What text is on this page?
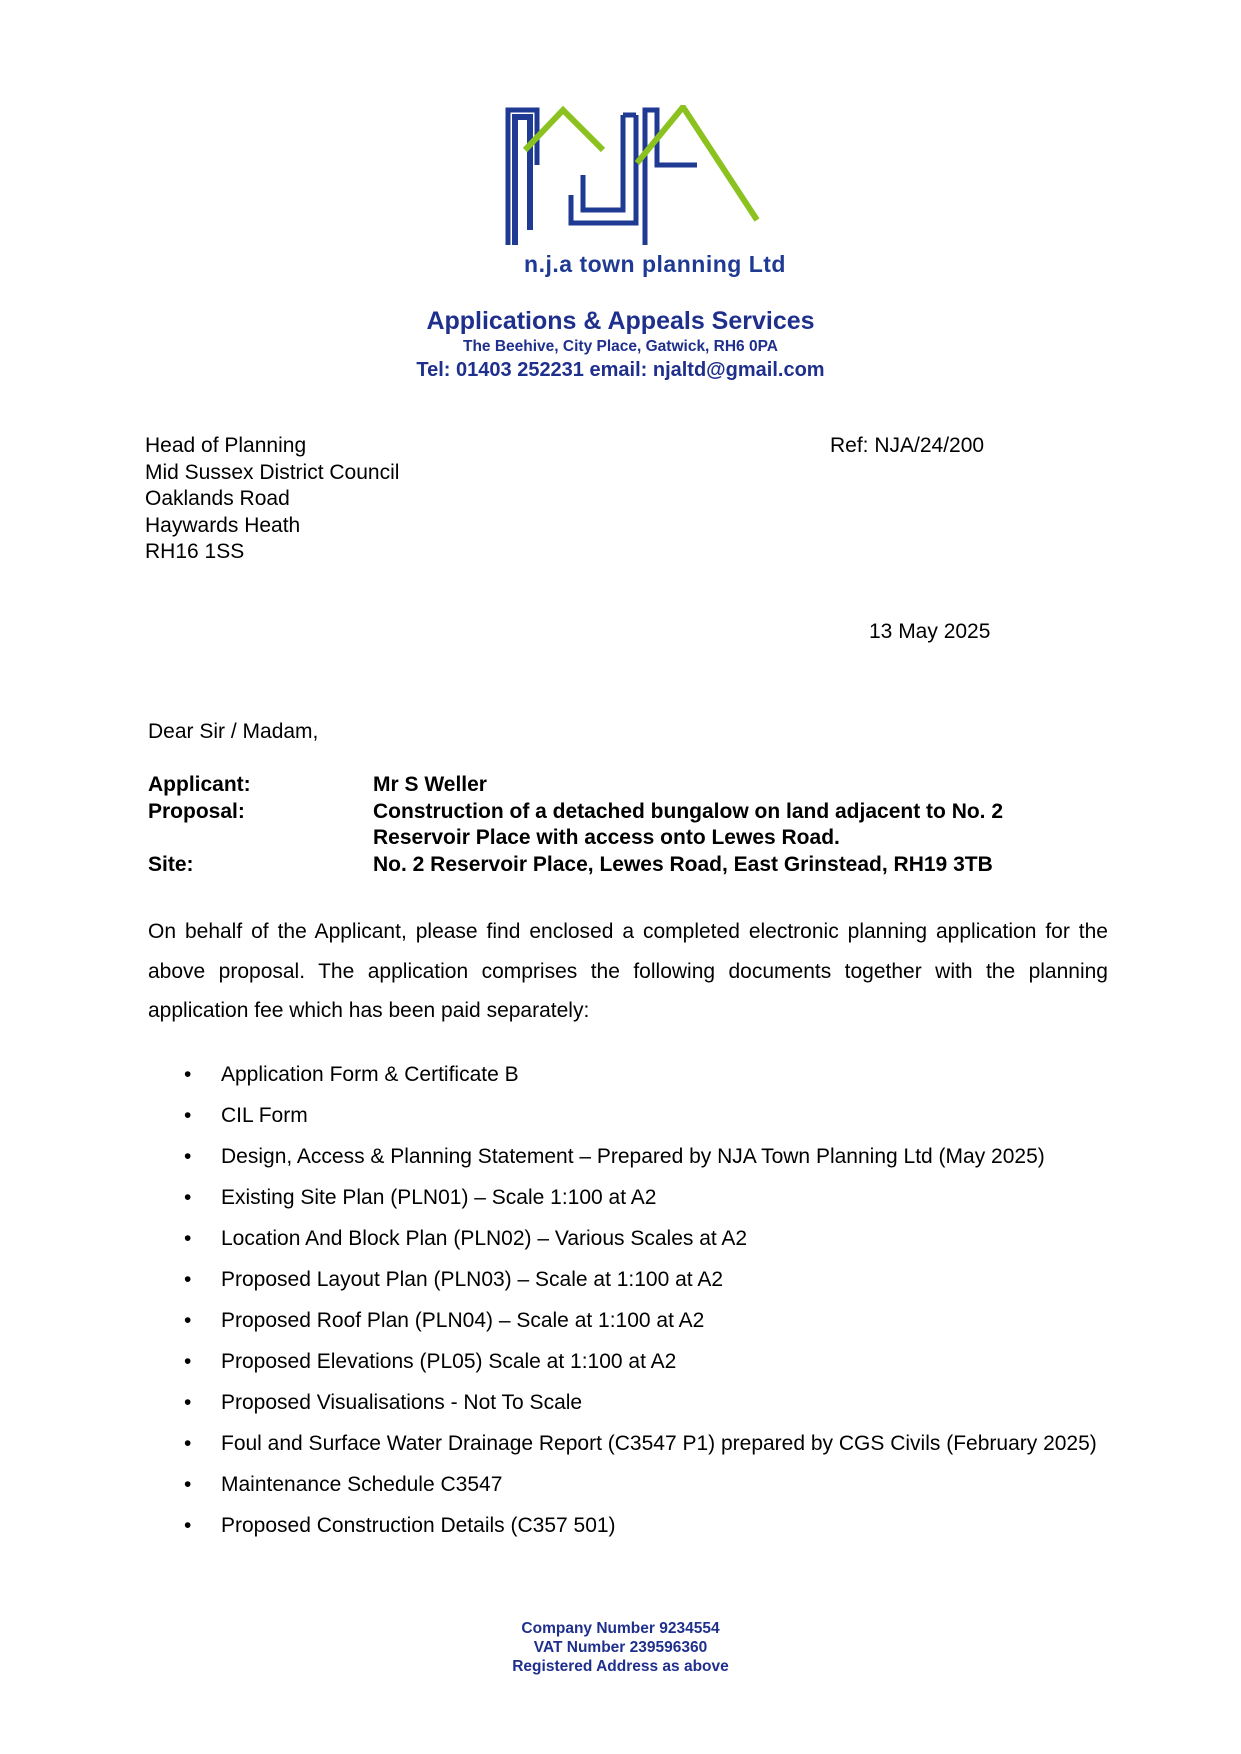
n.j.a town planning Ltd
Applications & Appeals Services
The Beehive, City Place, Gatwick, RH6 0PA
Tel: 01403 252231 email: njaltd@gmail.com
Head of Planning
Mid Sussex District Council
Oaklands Road
Haywards Heath
RH16 1SS
Ref: NJA/24/200
13 May 2025
Dear Sir / Madam,
Applicant:	Mr S Weller
Proposal:	Construction of a detached bungalow on land adjacent to No. 2
Reservoir Place with access onto Lewes Road.
Site:	No. 2 Reservoir Place, Lewes Road, East Grinstead, RH19 3TB
On behalf of the Applicant, please find enclosed a completed electronic planning application for the above proposal. The application comprises the following documents together with the planning application fee which has been paid separately:
• Application Form & Certificate B
• CIL Form
• Design, Access & Planning Statement – Prepared by NJA Town Planning Ltd (May 2025)
• Existing Site Plan (PLN01) – Scale 1:100 at A2
• Location And Block Plan (PLN02) – Various Scales at A2
• Proposed Layout Plan (PLN03) – Scale at 1:100 at A2
• Proposed Roof Plan (PLN04) – Scale at 1:100 at A2
• Proposed Elevations (PL05) Scale at 1:100 at A2
• Proposed Visualisations - Not To Scale
• Foul and Surface Water Drainage Report (C3547 P1) prepared by CGS Civils (February 2025)
• Maintenance Schedule C3547
• Proposed Construction Details (C357 501)
Company Number 9234554
VAT Number 239596360
Registered Address as above
